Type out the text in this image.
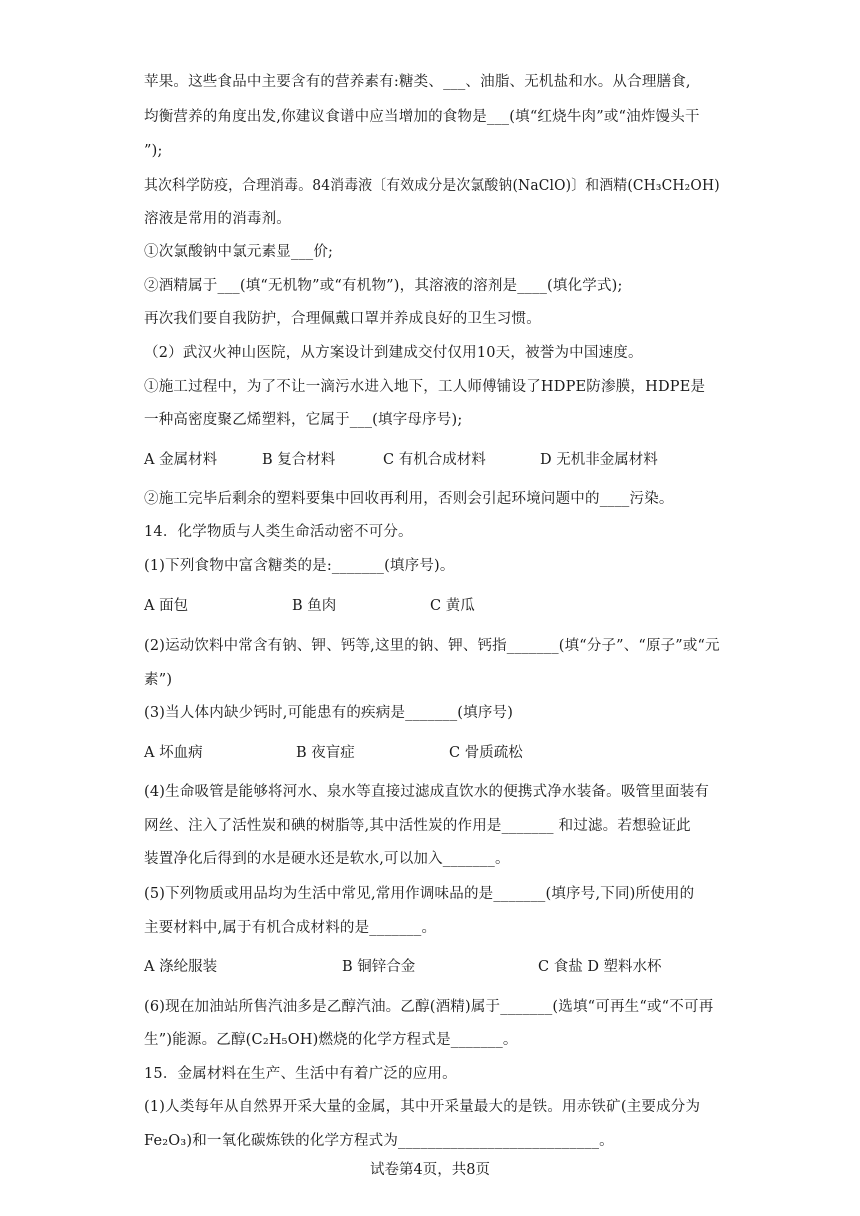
苹果。这些食品中主要含有的营养素有:糖类、___、油脂、无机盐和水。从合理膳食,
均衡营养的角度出发,你建议食谱中应当增加的食物是___(填“红烧牛肉”或“油炸馒头干
”);
其次科学防疫，合理消毒。84消毒液〔有效成分是次氯酸钠(NaClO)〕和酒精(CH₃CH₂OH)
溶液是常用的消毒剂。
①次氯酸钠中氯元素显___价;
②酒精属于___(填“无机物”或“有机物”)，其溶液的溶剂是____(填化学式);
再次我们要自我防护，合理佩戴口罩并养成良好的卫生习惯。
（2）武汉火神山医院，从方案设计到建成交付仅用10天，被誉为中国速度。
①施工过程中，为了不让一滴污水进入地下，工人师傅铺设了HDPE防渗膜，HDPE是
一种高密度聚乙烯塑料，它属于___(填字母序号);
A 金属材料	B 复合材料	C 有机合成材料	D 无机非金属材料
②施工完毕后剩余的塑料要集中回收再利用，否则会引起环境问题中的____污染。
14．化学物质与人类生命活动密不可分。
(1)下列食物中富含糖类的是:_______(填序号)。
A 面包	B 鱼肉	C 黄瓜
(2)运动饮料中常含有钠、钾、钙等,这里的钠、钾、钙指_______(填“分子”、“原子”或“元
素”)
(3)当人体内缺少钙时,可能患有的疾病是_______(填序号)
A 坏血病	B 夜盲症	C 骨质疏松
(4)生命吸管是能够将河水、泉水等直接过滤成直饮水的便携式净水装备。吸管里面装有
网丝、注入了活性炭和碘的树脂等,其中活性炭的作用是_______ 和过滤。若想验证此
装置净化后得到的水是硬水还是软水,可以加入_______。
(5)下列物质或用品均为生活中常见,常用作调味品的是_______(填序号,下同)所使用的
主要材料中,属于有机合成材料的是_______。
A 涤纶服装	B 铜锌合金	C 食盐 D 塑料水杯
(6)现在加油站所售汽油多是乙醇汽油。乙醇(酒精)属于_______(选填“可再生“或“不可再
生”)能源。乙醇(C₂H₅OH)燃烧的化学方程式是_______。
15．金属材料在生产、生活中有着广泛的应用。
(1)人类每年从自然界开采大量的金属，其中开采量最大的是铁。用赤铁矿(主要成分为
Fe₂O₃)和一氧化碳炼铁的化学方程式为___________________________。
试卷第4页，共8页
